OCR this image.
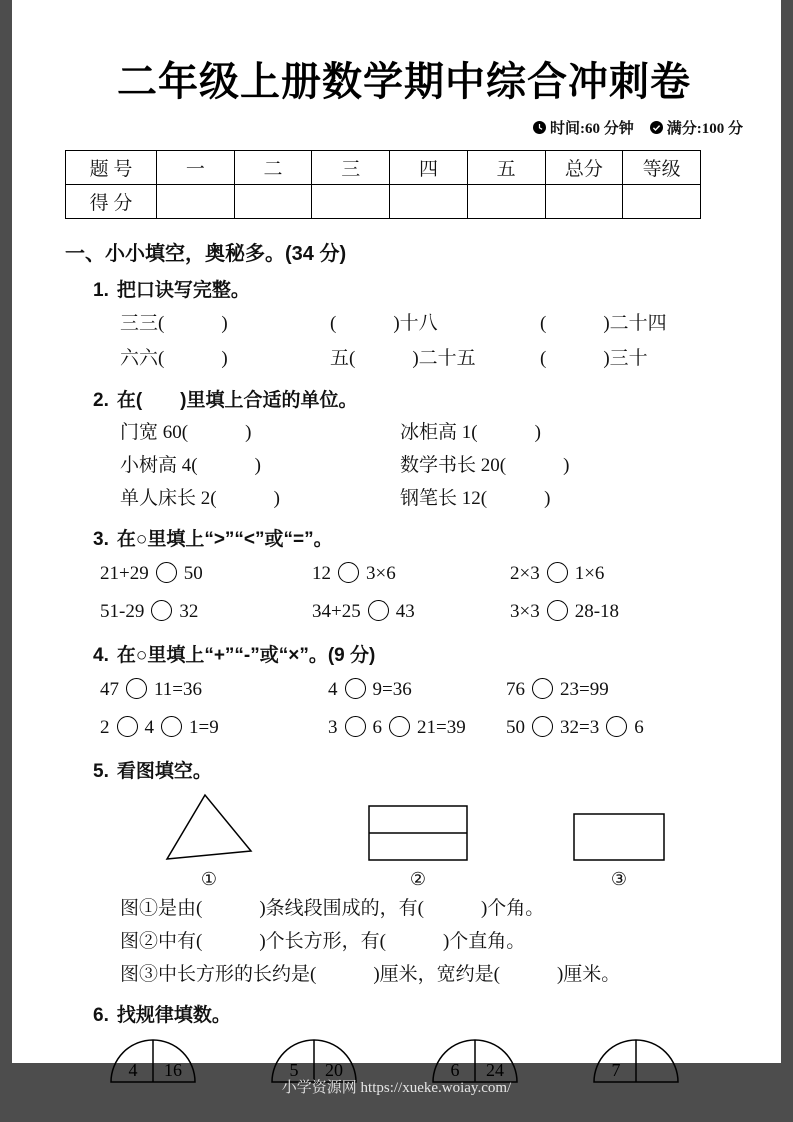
二年级上册数学期中综合冲刺卷
时间:60 分钟 满分:100 分
题 号	一	二	三	四	五	总分	等级
得 分							
一、小小填空，奥秘多。(34 分)
1. 把口诀写完整。
三三(　　　)	(　　　)十八	(　　　)二十四
六六(　　　)	五(　　　)二十五	(　　　)三十
2. 在(　　)里填上合适的单位。
门宽 60(　　　)	冰柜高 1(　　　)
小树高 4(　　　)	数学书长 20(　　　)
单人床长 2(　　　)	钢笔长 12(　　　)
3. 在○里填上“>”“<”或“=”。
21+29 50	12 3×6	2×3 1×6
51-29 32	34+25 43	3×3 28-18
4. 在○里填上“+”“-”或“×”。(9 分)
47 11=36	4 9=36	76 23=99
2 4 1=9	3 6 21=39	50 32=3 6
5. 看图填空。
①	②	③
图①是由(　　　)条线段围成的，有(　　　)个角。
图②中有(　　　)个长方形，有(　　　)个直角。
图③中长方形的长约是(　　　)厘米，宽约是(　　　)厘米。
6. 找规律填数。
4 16	5 20	6 24	7
小学资源网 https://xueke.woiay.com/
